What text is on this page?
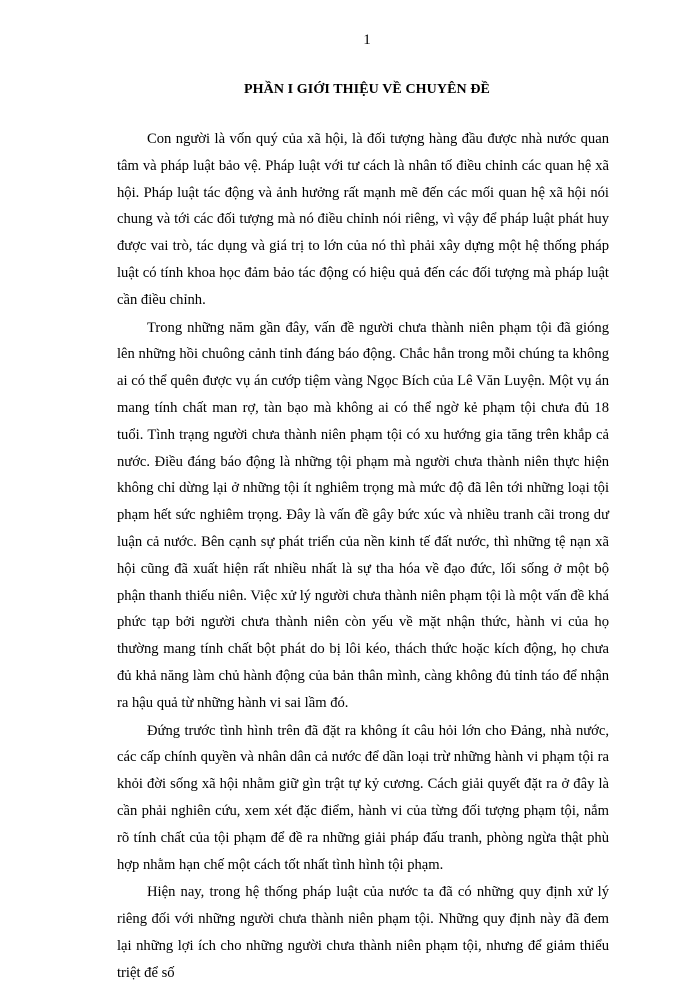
1
PHẦN I GIỚI THIỆU VỀ CHUYÊN ĐỀ

Con người là vốn quý của xã hội, là đối tượng hàng đầu được nhà nước quan tâm và pháp luật bảo vệ. Pháp luật với tư cách là nhân tố điều chỉnh các quan hệ xã hội. Pháp luật tác động và ảnh hưởng rất mạnh mẽ đến các mối quan hệ xã hội nói chung và tới các đối tượng mà nó điều chỉnh nói riêng, vì vậy để pháp luật phát huy được vai trò, tác dụng và giá trị to lớn của nó thì phải xây dựng một hệ thống pháp luật có tính khoa học đảm bảo tác động có hiệu quả đến các đối tượng mà pháp luật cần điều chỉnh.

Trong những năm gần đây, vấn đề người chưa thành niên phạm tội đã gióng lên những hồi chuông cảnh tỉnh đáng báo động. Chắc hẳn trong mỗi chúng ta không ai có thể quên được vụ án cướp tiệm vàng Ngọc Bích của Lê Văn Luyện. Một vụ án mang tính chất man rợ, tàn bạo mà không ai có thể ngờ kẻ phạm tội chưa đủ 18 tuổi. Tình trạng người chưa thành niên phạm tội có xu hướng gia tăng trên khắp cả nước. Điều đáng báo động là những tội phạm mà người chưa thành niên thực hiện không chỉ dừng lại ở những tội ít nghiêm trọng mà mức độ đã lên tới những loại tội phạm hết sức nghiêm trọng. Đây là vấn đề gây bức xúc và nhiều tranh cãi trong dư luận cả nước. Bên cạnh sự phát triển của nền kinh tế đất nước, thì những tệ nạn xã hội cũng đã xuất hiện rất nhiều nhất là sự tha hóa về đạo đức, lối sống ở một bộ phận thanh thiếu niên. Việc xử lý người chưa thành niên phạm tội là một vấn đề khá phức tạp bởi người chưa thành niên còn yếu về mặt nhận thức, hành vi của họ thường mang tính chất bột phát do bị lôi kéo, thách thức hoặc kích động, họ chưa đủ khả năng làm chủ hành động của bản thân mình, càng không đủ tỉnh táo để nhận ra hậu quả từ những hành vi sai lầm đó.

Đứng trước tình hình trên đã đặt ra không ít câu hỏi lớn cho Đảng, nhà nước, các cấp chính quyền và nhân dân cả nước để dần loại trừ những hành vi phạm tội ra khỏi đời sống xã hội nhằm giữ gìn trật tự kỷ cương. Cách giải quyết đặt ra ở đây là cần phải nghiên cứu, xem xét đặc điểm, hành vi của từng đối tượng phạm tội, nắm rõ tính chất của tội phạm để đề ra những giải pháp đấu tranh, phòng ngừa thật phù hợp nhằm hạn chế một cách tốt nhất tình hình tội phạm.

Hiện nay, trong hệ thống pháp luật của nước ta đã có những quy định xử lý riêng đối với những người chưa thành niên phạm tội. Những quy định này đã đem lại những lợi ích cho những người chưa thành niên phạm tội, nhưng để giảm thiểu triệt để số
